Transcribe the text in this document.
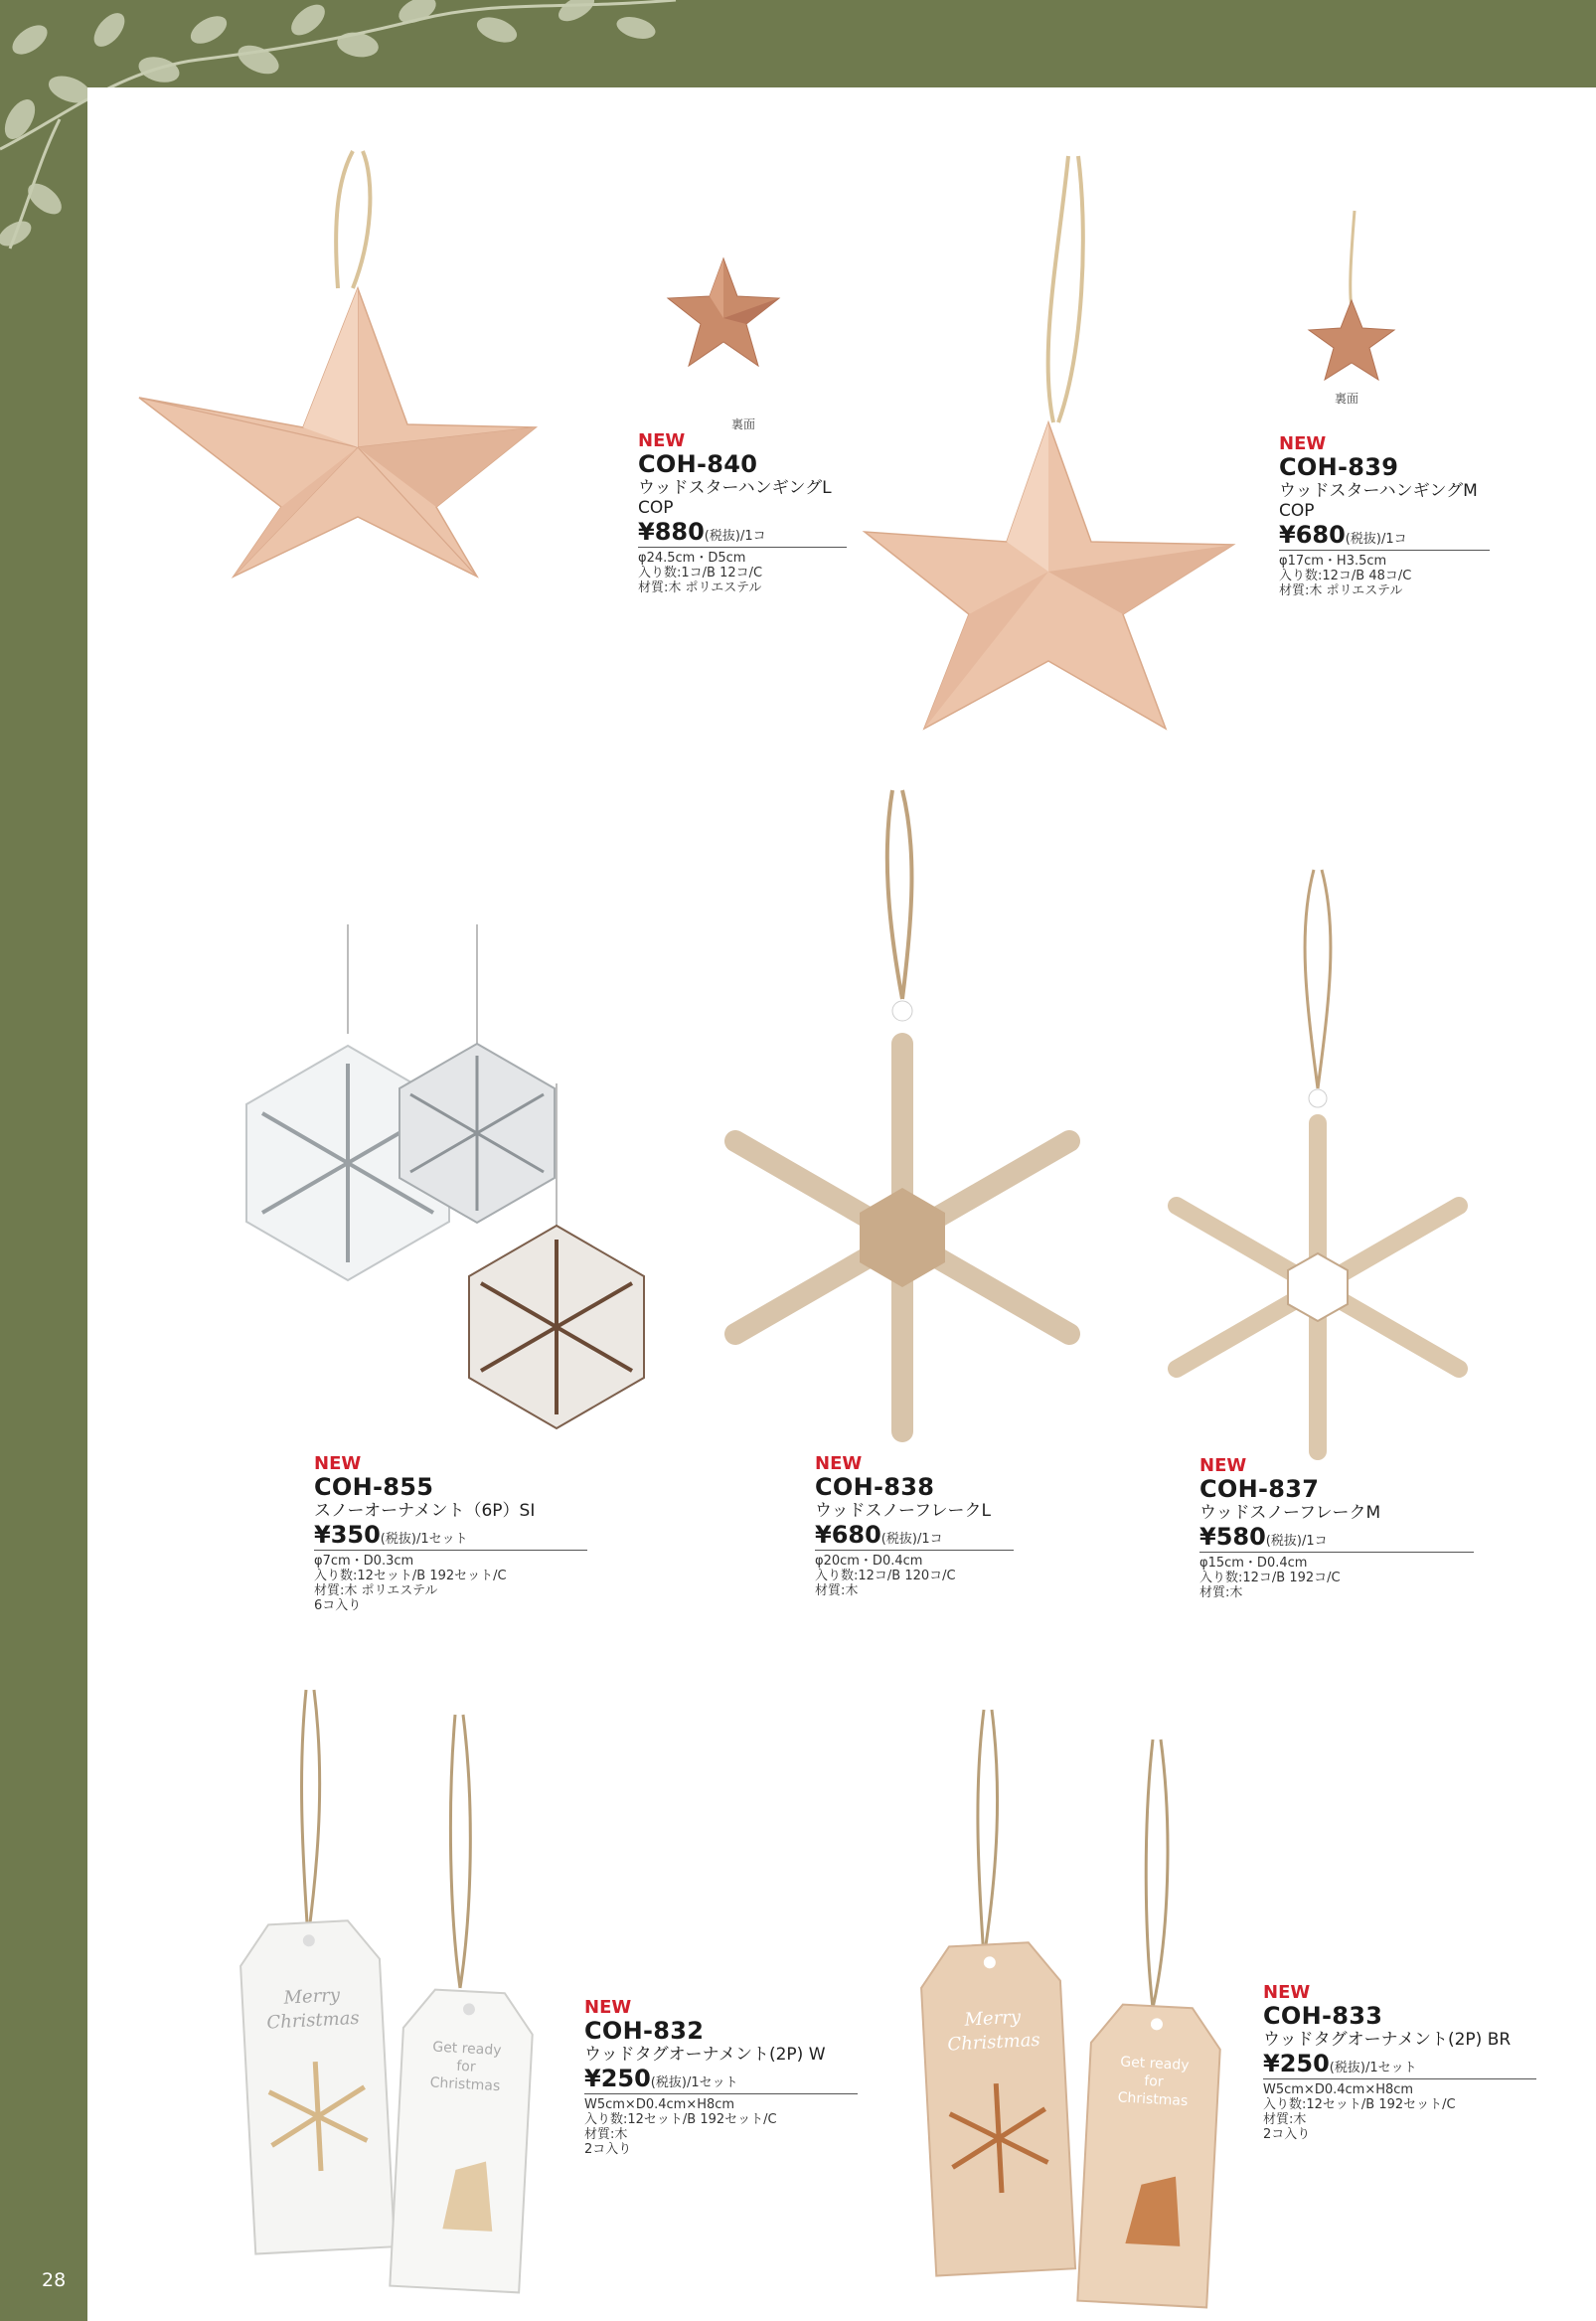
裏面
裏面
Merry
Christmas
Get ready
for
Christmas
Merry
Christmas
Get ready
for
Christmas
NEW
COH-840
ウッドスターハンギングL
COP
¥880(税抜)/1コ
φ24.5cm・D5cm
入り数:1コ/B 12コ/C
材質:木 ポリエステル
NEW
COH-839
ウッドスターハンギングM
COP
¥680(税抜)/1コ
φ17cm・H3.5cm
入り数:12コ/B 48コ/C
材質:木 ポリエステル
NEW
COH-855
スノーオーナメント（6P）SI
¥350(税抜)/1セット
φ7cm・D0.3cm
入り数:12セット/B 192セット/C
材質:木 ポリエステル
6コ入り
NEW
COH-838
ウッドスノーフレークL
¥680(税抜)/1コ
φ20cm・D0.4cm
入り数:12コ/B 120コ/C
材質:木
NEW
COH-837
ウッドスノーフレークM
¥580(税抜)/1コ
φ15cm・D0.4cm
入り数:12コ/B 192コ/C
材質:木
NEW
COH-832
ウッドタグオーナメント(2P) W
¥250(税抜)/1セット
W5cm×D0.4cm×H8cm
入り数:12セット/B 192セット/C
材質:木
2コ入り
NEW
COH-833
ウッドタグオーナメント(2P) BR
¥250(税抜)/1セット
W5cm×D0.4cm×H8cm
入り数:12セット/B 192セット/C
材質:木
2コ入り
28
